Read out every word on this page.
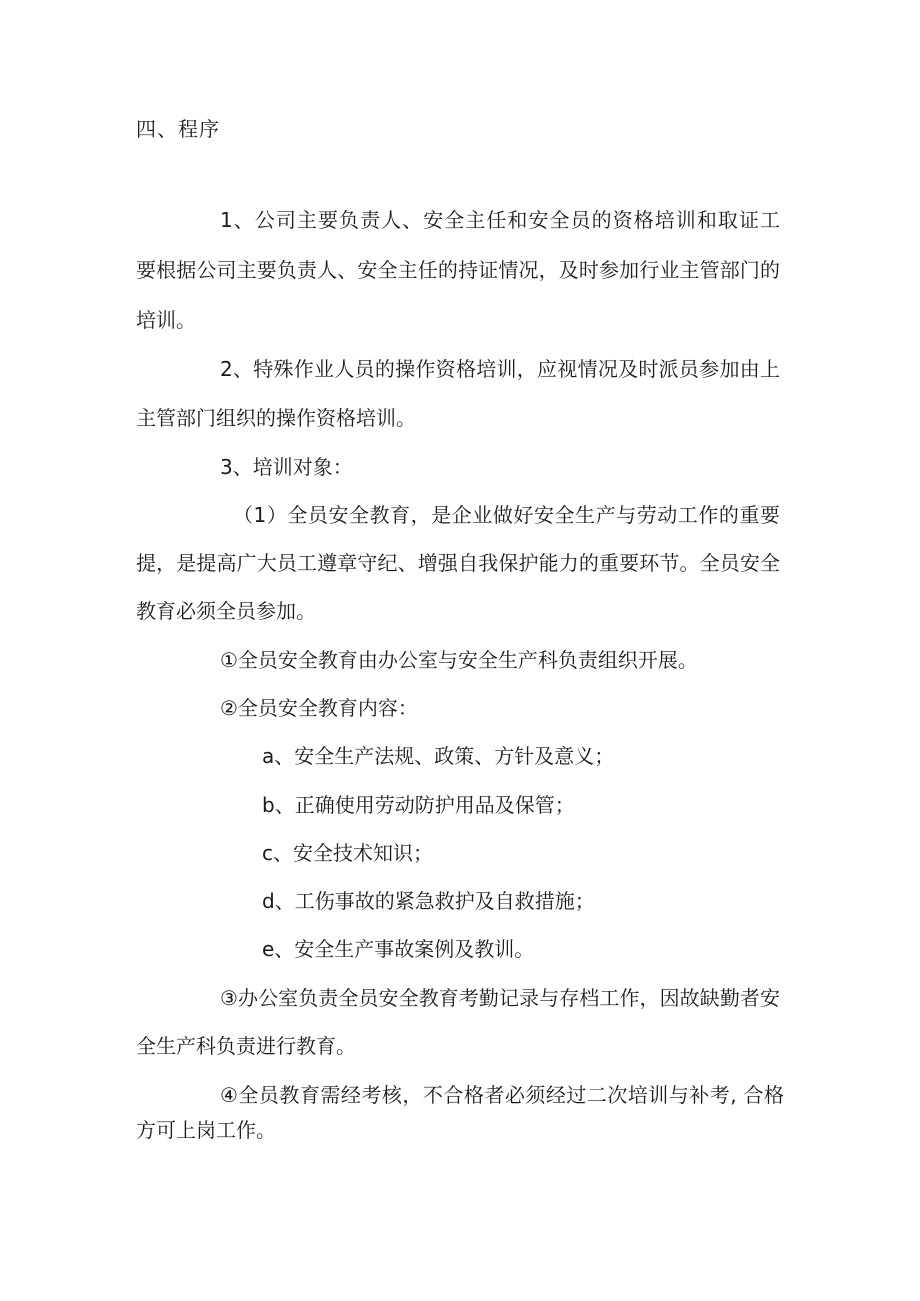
四、程序
1、公司主要负责人、安全主任和安全员的资格培训和取证工
要根据公司主要负责人、安全主任的持证情况，及时参加行业主管部门的
培训。
2、特殊作业人员的操作资格培训，应视情况及时派员参加由上
主管部门组织的操作资格培训。
3、培训对象：
（1）全员安全教育，是企业做好安全生产与劳动工作的重要
提，是提高广大员工遵章守纪、增强自我保护能力的重要环节。全员安全
教育必须全员参加。
①全员安全教育由办公室与安全生产科负责组织开展。
②全员安全教育内容：
a、安全生产法规、政策、方针及意义；
b、正确使用劳动防护用品及保管；
c、安全技术知识；
d、工伤事故的紧急救护及自救措施；
e、安全生产事故案例及教训。
③办公室负责全员安全教育考勤记录与存档工作，因故缺勤者安
全生产科负责进行教育。
④全员教育需经考核，不合格者必须经过二次培训与补考, 合格
方可上岗工作。
